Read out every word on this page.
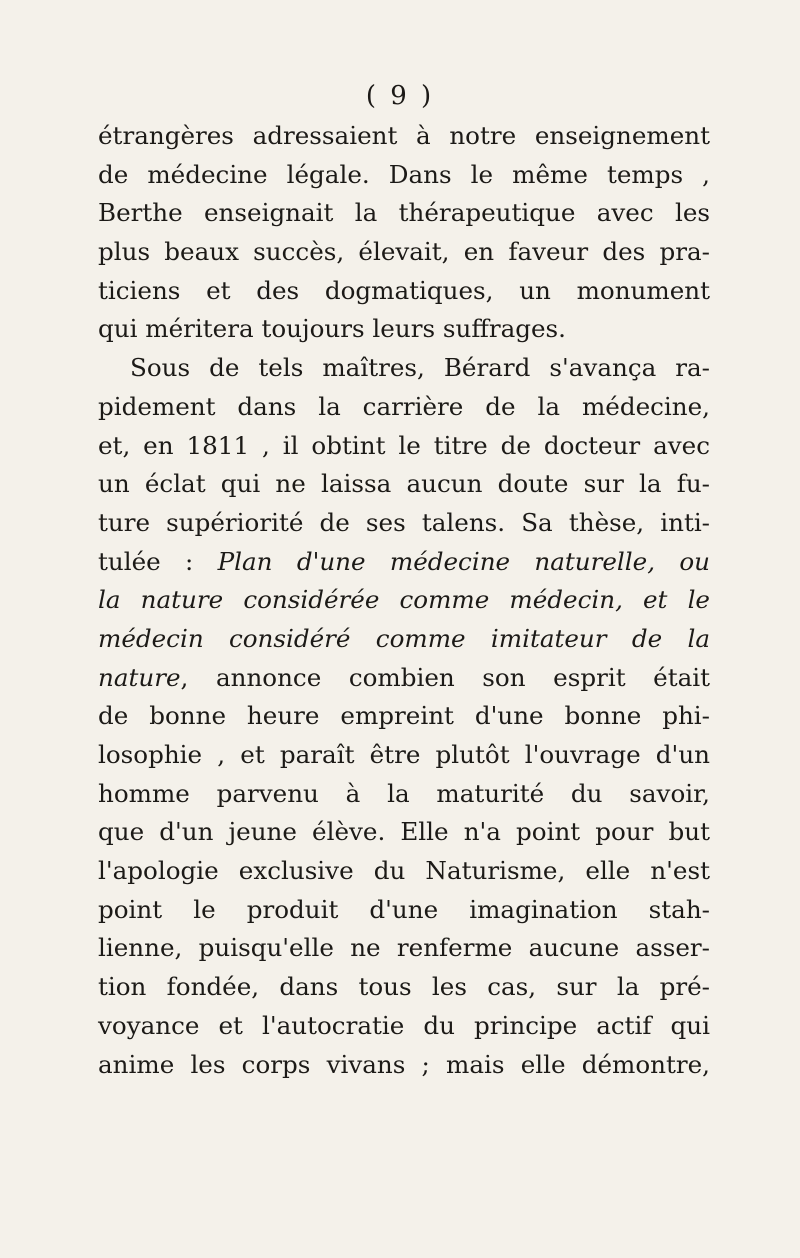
( 9 )
étrangères adressaient à notre enseignement
de médecine légale. Dans le même temps ,
Berthe enseignait la thérapeutique avec les
plus beaux succès, élevait, en faveur des pra-
ticiens et des dogmatiques, un monument
qui méritera toujours leurs suffrages.
Sous de tels maîtres, Bérard s'avança ra-
pidement dans la carrière de la médecine,
et, en 1811 , il obtint le titre de docteur avec
un éclat qui ne laissa aucun doute sur la fu-
ture supériorité de ses talens. Sa thèse, inti-
tulée : Plan d'une médecine naturelle, ou
la nature considérée comme médecin, et le
médecin considéré comme imitateur de la
nature, annonce combien son esprit était
de bonne heure empreint d'une bonne phi-
losophie , et paraît être plutôt l'ouvrage d'un
homme parvenu à la maturité du savoir,
que d'un jeune élève. Elle n'a point pour but
l'apologie exclusive du Naturisme, elle n'est
point le produit d'une imagination stah-
lienne, puisqu'elle ne renferme aucune asser-
tion fondée, dans tous les cas, sur la pré-
voyance et l'autocratie du principe actif qui
anime les corps vivans ; mais elle démontre,
